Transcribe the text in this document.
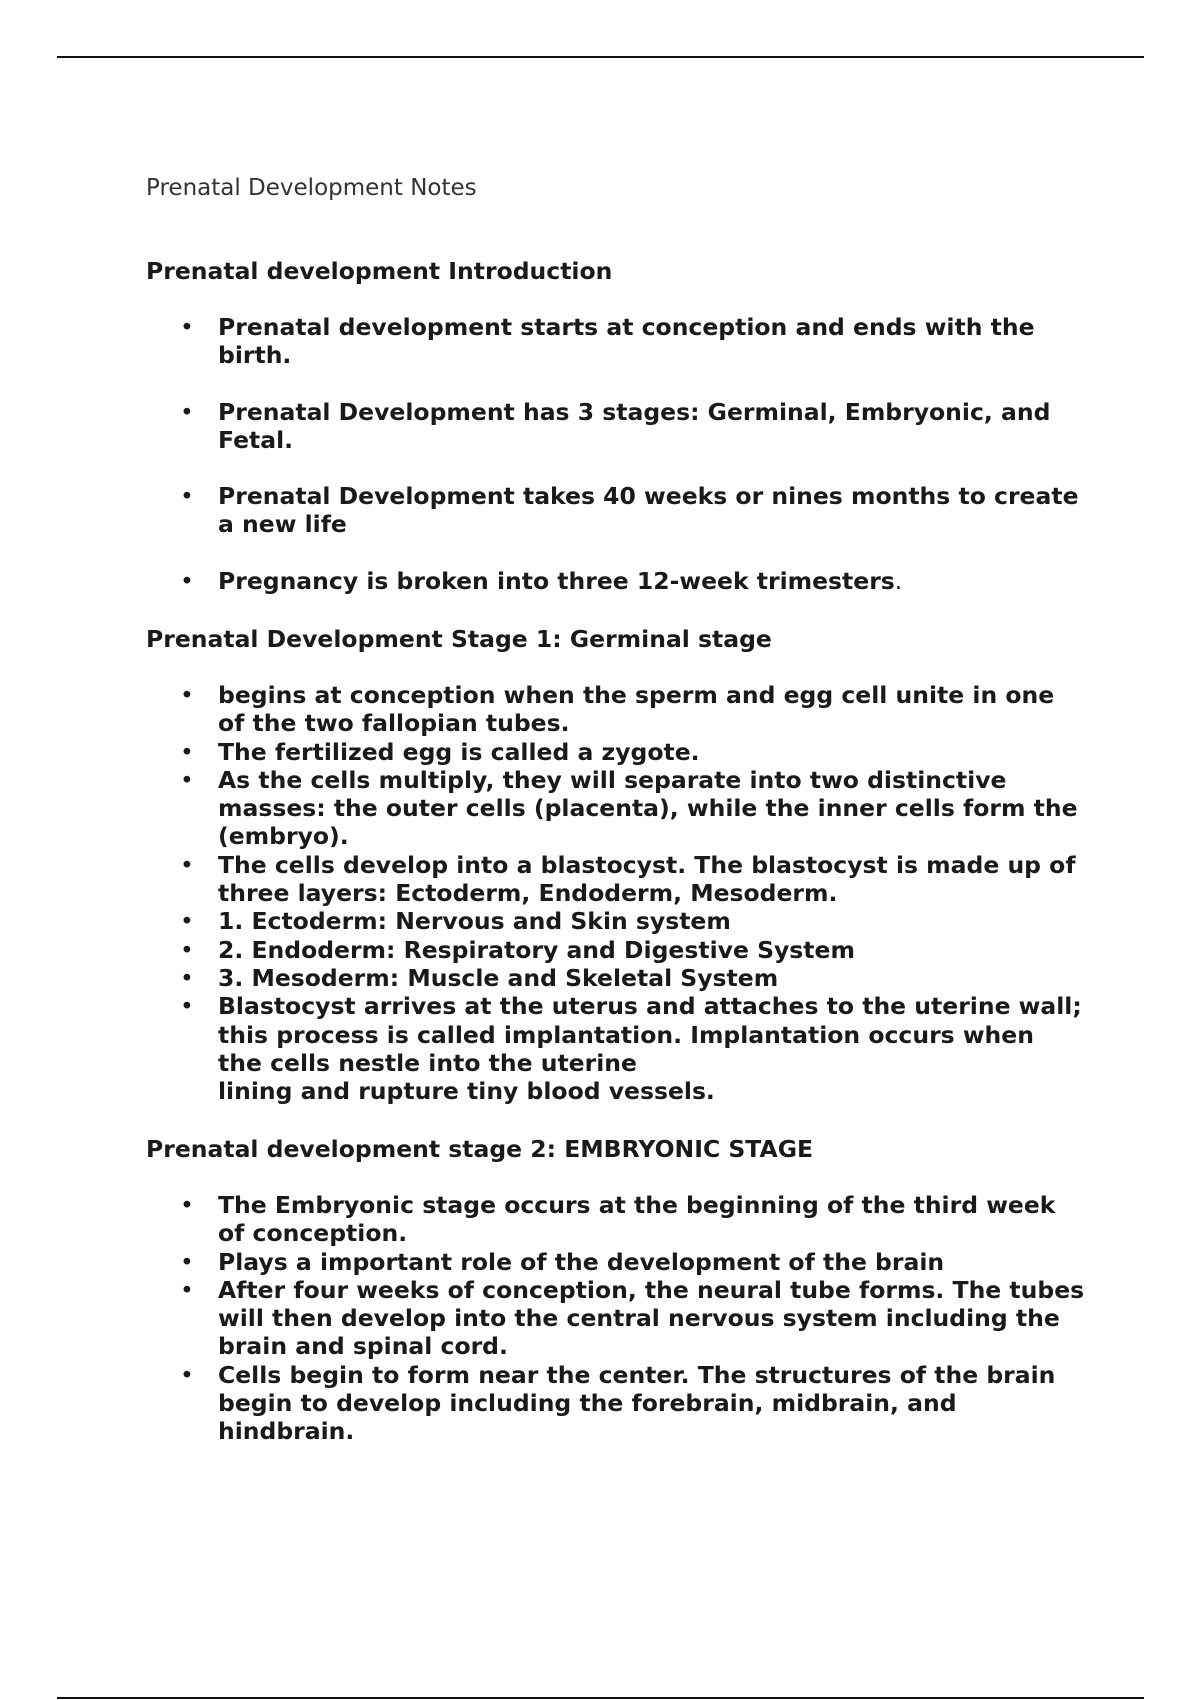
Prenatal Development Notes

Prenatal development Introduction
• Prenatal development starts at conception and ends with the birth.
• Prenatal Development has 3 stages: Germinal, Embryonic, and Fetal.
• Prenatal Development takes 40 weeks or nines months to create a new life
• Pregnancy is broken into three 12-week trimesters.
Prenatal Development Stage 1: Germinal stage
• begins at conception when the sperm and egg cell unite in one of the two fallopian tubes.
• The fertilized egg is called a zygote.
• As the cells multiply, they will separate into two distinctive masses: the outer cells (placenta), while the inner cells form the (embryo).
• The cells develop into a blastocyst. The blastocyst is made up of three layers: Ectoderm, Endoderm, Mesoderm.
• 1. Ectoderm: Nervous and Skin system
• 2. Endoderm: Respiratory and Digestive System
• 3. Mesoderm: Muscle and Skeletal System
• Blastocyst arrives at the uterus and attaches to the uterine wall; this process is called implantation. Implantation occurs when the cells nestle into the uterine
lining and rupture tiny blood vessels.
Prenatal development stage 2: EMBRYONIC STAGE
• The Embryonic stage occurs at the beginning of the third week of conception.
• Plays a important role of the development of the brain
• After four weeks of conception, the neural tube forms. The tubes will then develop into the central nervous system including the brain and spinal cord.
• Cells begin to form near the center. The structures of the brain begin to develop including the forebrain, midbrain, and hindbrain.
